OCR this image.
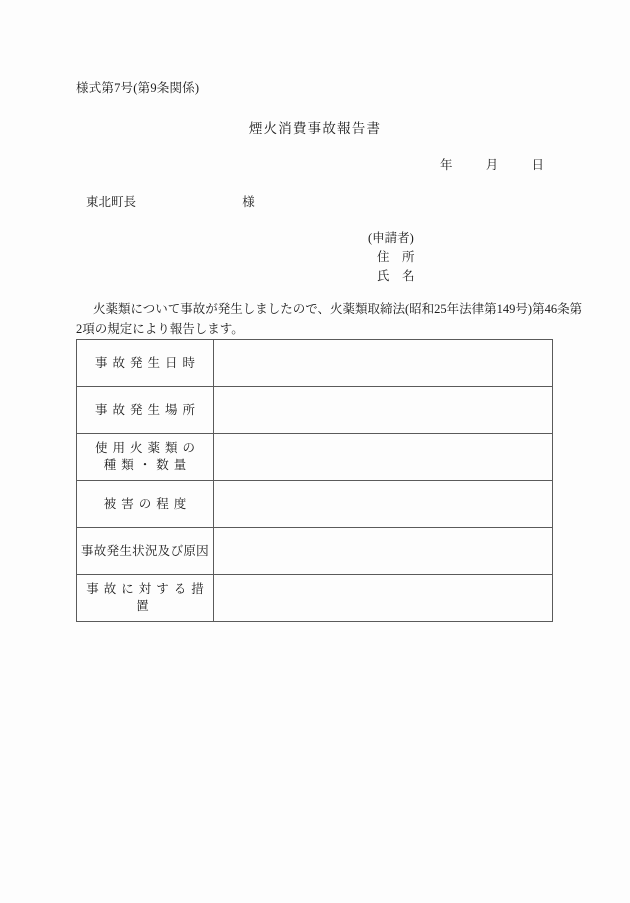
様式第7号(第9条関係)
煙火消費事故報告書
年	月	日
東北町長	様
(申請者)
住　所
氏　名
火薬類について事故が発生しましたので、火薬類取締法(昭和25年法律第149号)第46条第
2項の規定により報告します。
事故発生日時	

事故発生場所	

使用火薬類の
種類・数量	

被害の程度	

事故発生状況及び原因	

事故に対する措置	
